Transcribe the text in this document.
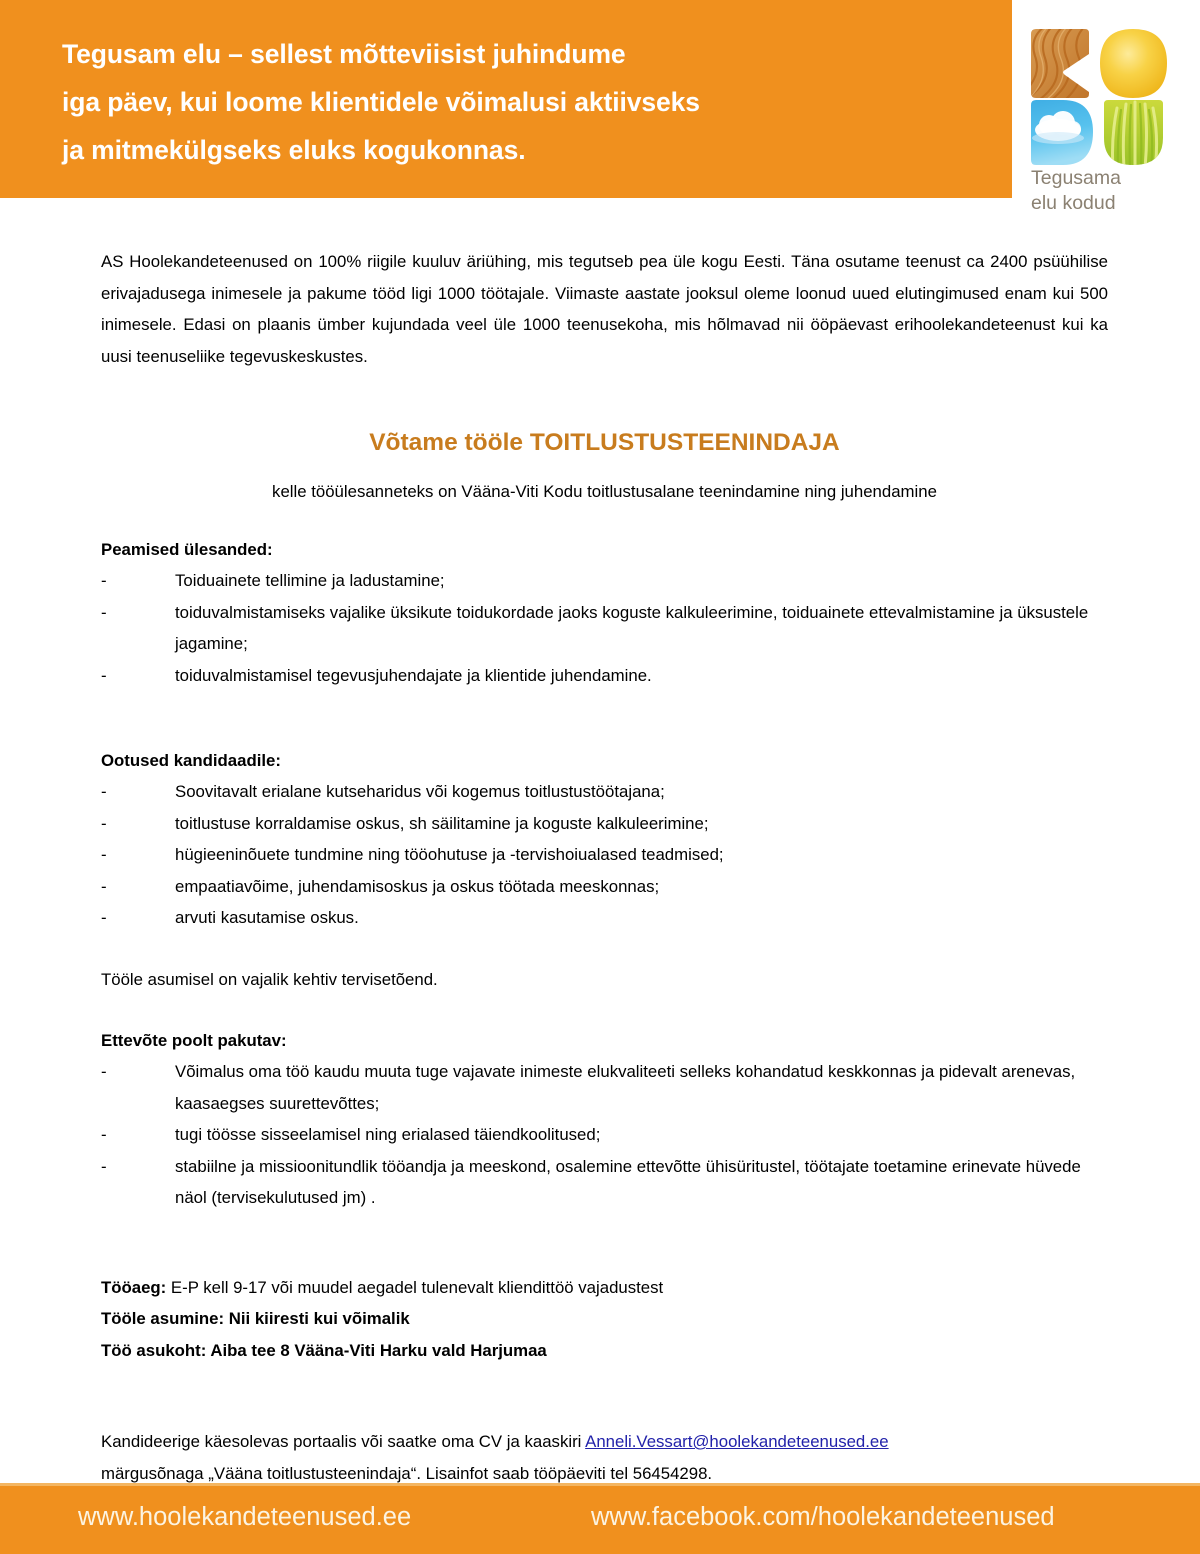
Tegusam elu – sellest mõtteviisist juhindume
iga päev, kui loome klientidele võimalusi aktiivseks
ja mitmekülgseks eluks kogukonnas.
Tegusama
elu kodud

AS Hoolekandeteenused on 100% riigile kuuluv äriühing, mis tegutseb pea üle kogu Eesti. Täna osutame teenust ca 2400 psüühilise erivajadusega inimesele ja pakume tööd ligi 1000 töötajale. Viimaste aastate jooksul oleme loonud uued elutingimused enam kui 500 inimesele. Edasi on plaanis ümber kujundada veel üle 1000 teenusekoha, mis hõlmavad nii ööpäevast erihoolekandeteenust kui ka uusi teenuseliike tegevuskeskustes.

Võtame tööle TOITLUSTUSTEENINDAJA

kelle tööülesanneteks on Vääna-Viti Kodu toitlustusalane teenindamine ning juhendamine

Peamised ülesanded:
-	Toiduainete tellimine ja ladustamine;
-	toiduvalmistamiseks vajalike üksikute toidukordade jaoks koguste kalkuleerimine, toiduainete ettevalmistamine ja üksustele jagamine;
-	toiduvalmistamisel tegevusjuhendajate ja klientide juhendamine.
Ootused kandidaadile:
-	Soovitavalt erialane kutseharidus või kogemus toitlustustöötajana;
-	toitlustuse korraldamise oskus, sh säilitamine ja koguste kalkuleerimine;
-	hügieeninõuete tundmine ning tööohutuse ja -tervishoiualased teadmised;
-	empaatiavõime, juhendamisoskus ja oskus töötada meeskonnas;
-	arvuti kasutamise oskus.

Tööle asumisel on vajalik kehtiv tervisetõend.

Ettevõte poolt pakutav:
-	Võimalus oma töö kaudu muuta tuge vajavate inimeste elukvaliteeti selleks kohandatud keskkonnas ja pidevalt arenevas, kaasaegses suurettevõttes;
-	tugi töösse sisseelamisel ning erialased täiendkoolitused;
-	stabiilne ja missioonitundlik tööandja ja meeskond, osalemine ettevõtte ühisüritustel, töötajate toetamine erinevate hüvede näol (tervisekulutused jm) .
Tööaeg: E-P kell 9-17 või muudel aegadel tulenevalt kliendittöö vajadustest
Tööle asumine: Nii kiiresti kui võimalik
Töö asukoht: Aiba tee 8 Vääna-Viti Harku vald Harjumaa
Kandideerige käesolevas portaalis või saatke oma CV ja kaaskiri Anneli.Vessart@hoolekandeteenused.ee
märgusõnaga „Vääna toitlustusteenindaja“. Lisainfot saab tööpäeviti tel 56454298.
www.hoolekandeteenused.ee	www.facebook.com/hoolekandeteenused
